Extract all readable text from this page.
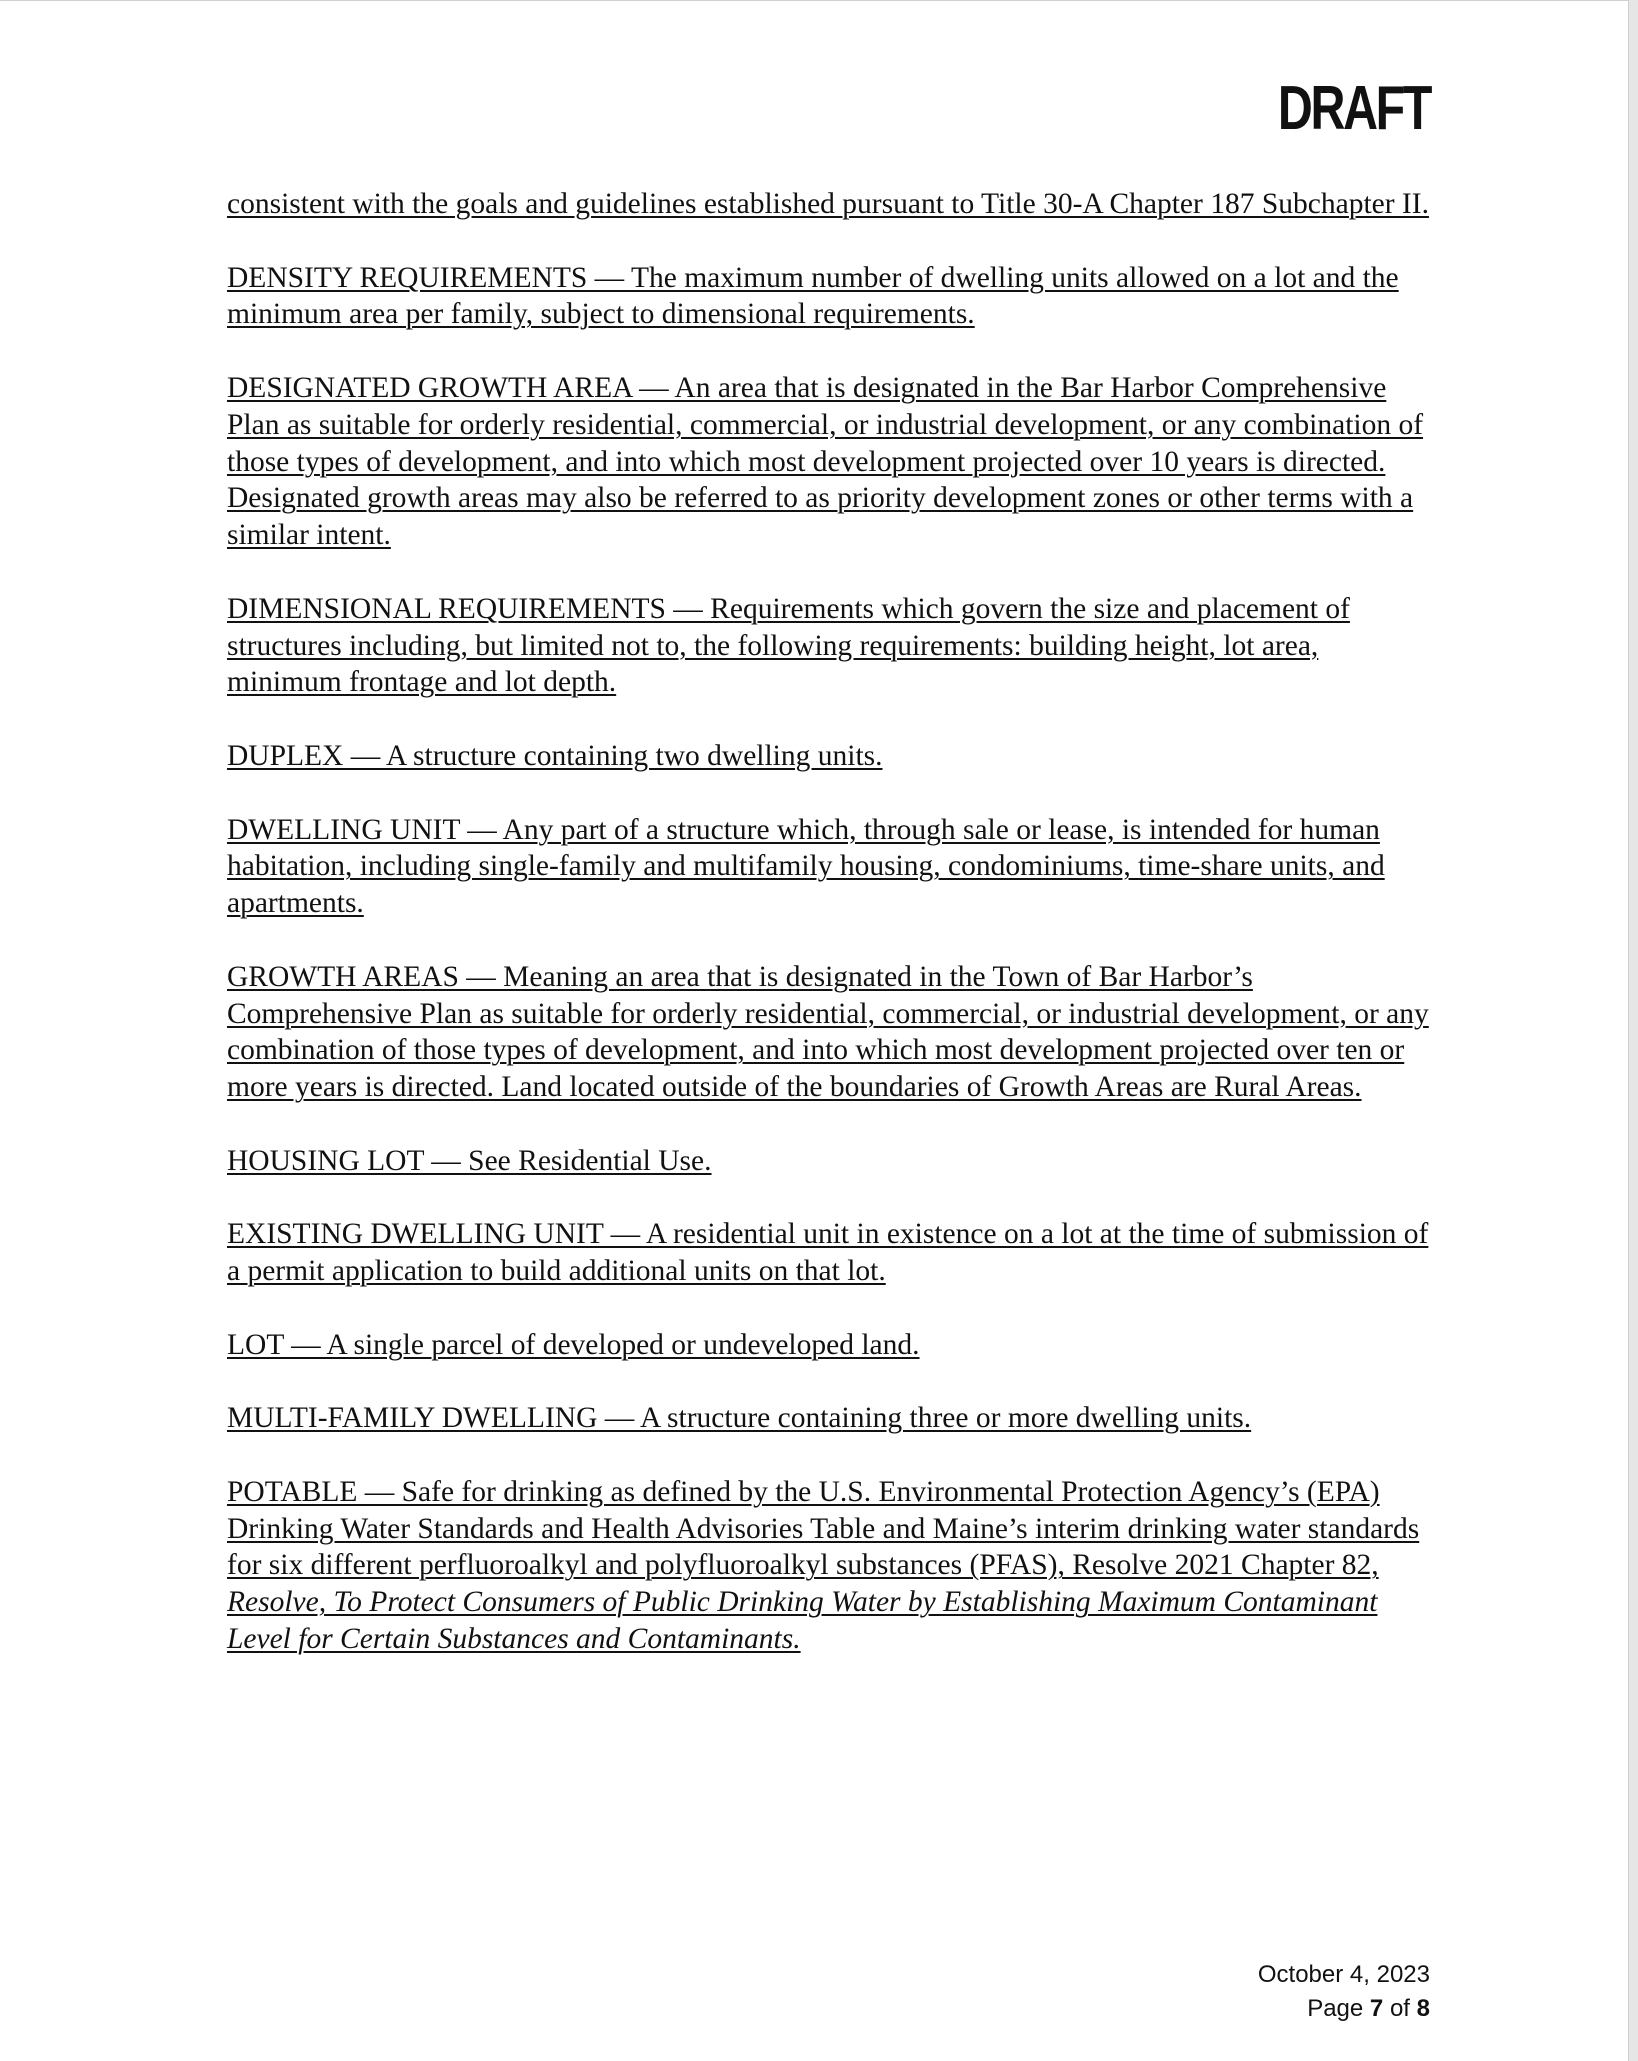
DRAFT

consistent with the goals and guidelines established pursuant to Title 30-A Chapter 187 Subchapter II.

DENSITY REQUIREMENTS — The maximum number of dwelling units allowed on a lot and the minimum area per family, subject to dimensional requirements.

DESIGNATED GROWTH AREA — An area that is designated in the Bar Harbor Comprehensive Plan as suitable for orderly residential, commercial, or industrial development, or any combination of those types of development, and into which most development projected over 10 years is directed. Designated growth areas may also be referred to as priority development zones or other terms with a similar intent.

DIMENSIONAL REQUIREMENTS — Requirements which govern the size and placement of structures including, but limited not to, the following requirements: building height, lot area, minimum frontage and lot depth.

DUPLEX — A structure containing two dwelling units.

DWELLING UNIT — Any part of a structure which, through sale or lease, is intended for human habitation, including single-family and multifamily housing, condominiums, time-share units, and apartments.

GROWTH AREAS — Meaning an area that is designated in the Town of Bar Harbor’s Comprehensive Plan as suitable for orderly residential, commercial, or industrial development, or any combination of those types of development, and into which most development projected over ten or more years is directed. Land located outside of the boundaries of Growth Areas are Rural Areas.

HOUSING LOT — See Residential Use.

EXISTING DWELLING UNIT — A residential unit in existence on a lot at the time of submission of a permit application to build additional units on that lot.

LOT — A single parcel of developed or undeveloped land.

MULTI-FAMILY DWELLING — A structure containing three or more dwelling units.

POTABLE — Safe for drinking as defined by the U.S. Environmental Protection Agency’s (EPA) Drinking Water Standards and Health Advisories Table and Maine’s interim drinking water standards for six different perfluoroalkyl and polyfluoroalkyl substances (PFAS), Resolve 2021 Chapter 82, Resolve, To Protect Consumers of Public Drinking Water by Establishing Maximum Contaminant Level for Certain Substances and Contaminants.

October 4, 2023
Page 7 of 8
